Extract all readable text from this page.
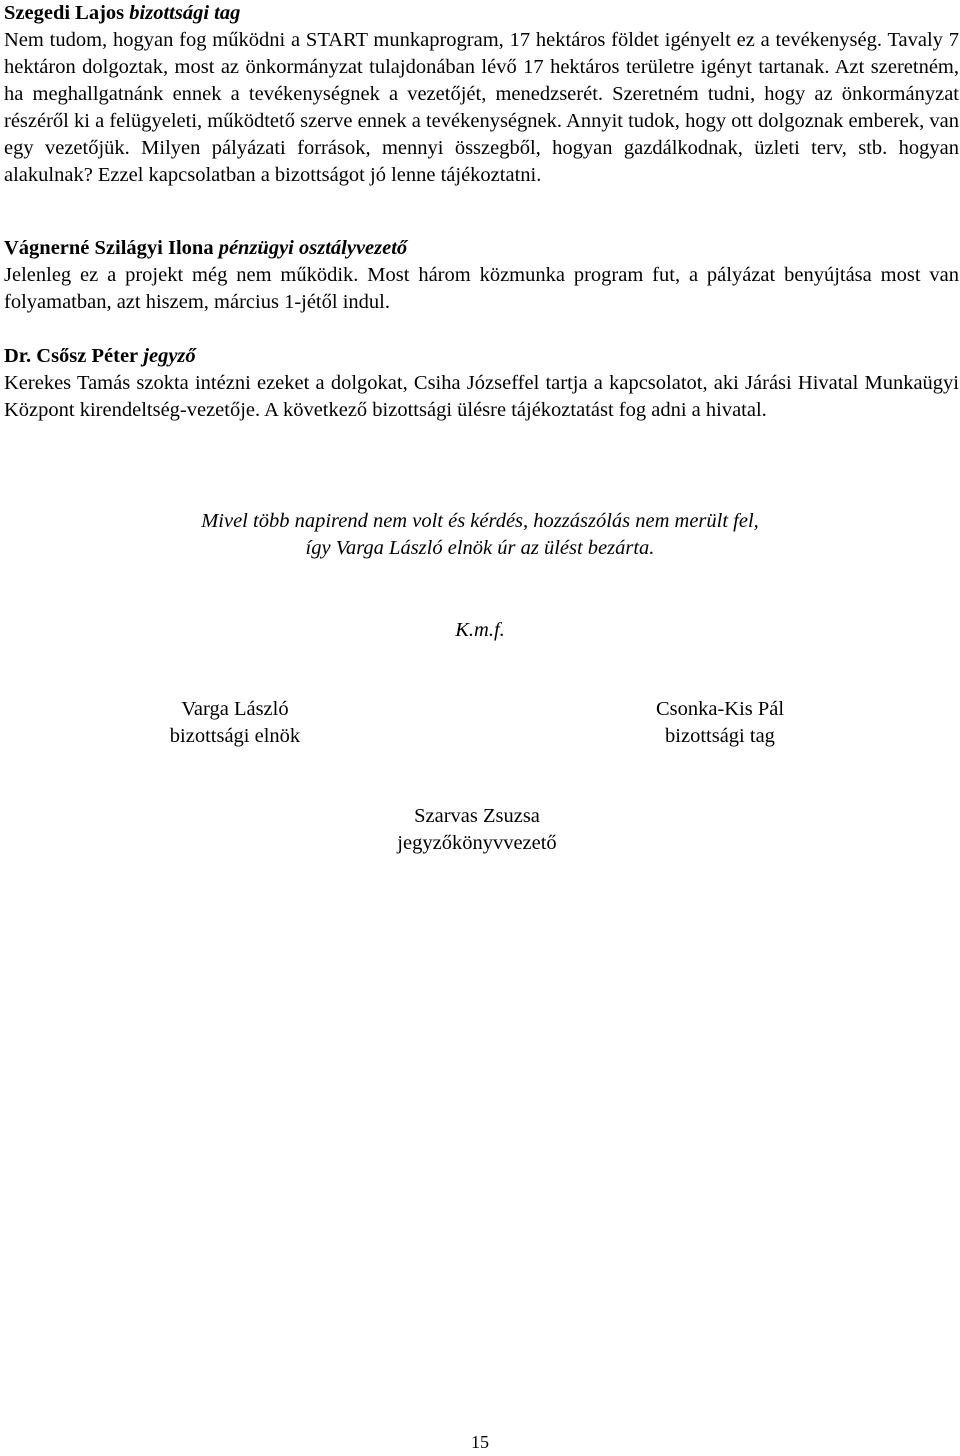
Szegedi Lajos bizottsági tag

Nem tudom, hogyan fog működni a START munkaprogram, 17 hektáros földet igényelt ez a tevékenység. Tavaly 7 hektáron dolgoztak, most az önkormányzat tulajdonában lévő 17 hektáros területre igényt tartanak. Azt szeretném, ha meghallgatnánk ennek a tevékenységnek a vezetőjét, menedzserét. Szeretném tudni, hogy az önkormányzat részéről ki a felügyeleti, működtető szerve ennek a tevékenységnek. Annyit tudok, hogy ott dolgoznak emberek, van egy vezetőjük. Milyen pályázati források, mennyi összegből, hogyan gazdálkodnak, üzleti terv, stb. hogyan alakulnak? Ezzel kapcsolatban a bizottságot jó lenne tájékoztatni.

Vágnerné Szilágyi Ilona pénzügyi osztályvezető

Jelenleg ez a projekt még nem működik. Most három közmunka program fut, a pályázat benyújtása most van folyamatban, azt hiszem, március 1-jétől indul.

Dr. Csősz Péter jegyző

Kerekes Tamás szokta intézni ezeket a dolgokat, Csiha Józseffel tartja a kapcsolatot, aki Járási Hivatal Munkaügyi Központ kirendeltség-vezetője. A következő bizottsági ülésre tájékoztatást fog adni a hivatal.

Mivel több napirend nem volt és kérdés, hozzászólás nem merült fel,

így Varga László elnök úr az ülést bezárta.

K.m.f.

Varga László

bizottsági elnök

Csonka-Kis Pál

bizottsági tag

Szarvas Zsuzsa

jegyzőkönyvvezető

15
